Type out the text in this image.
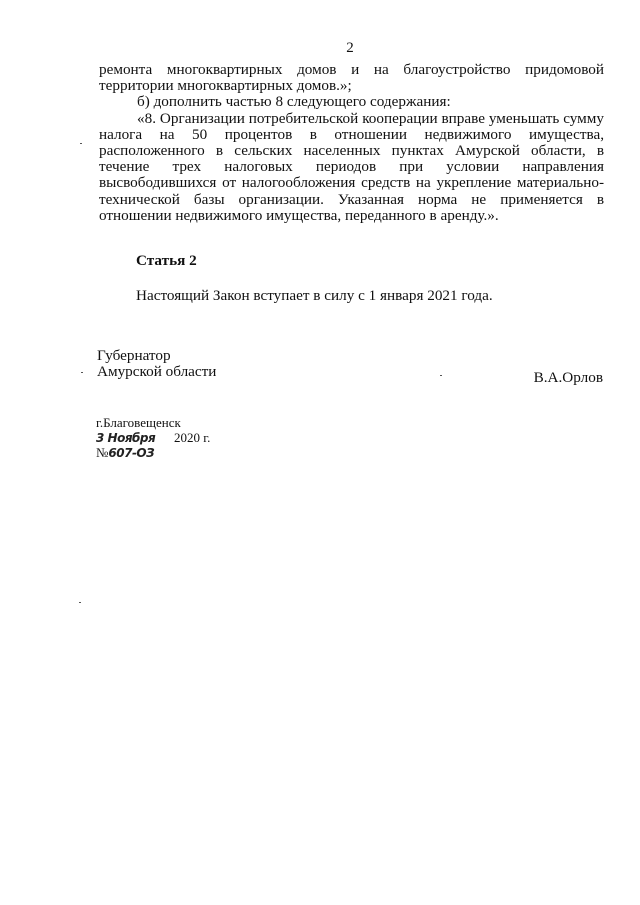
2

ремонта многоквартирных домов и на благоустройство придомовой территории многоквартирных домов.»;

б) дополнить частью 8 следующего содержания:

«8. Организации потребительской кооперации вправе уменьшать сумму налога на 50 процентов в отношении недвижимого имущества, расположенного в сельских населенных пунктах Амурской области, в течение трех налоговых периодов при условии направления высвободившихся от налогообложения средств на укрепление материально-технической базы организации. Указанная норма не применяется в отношении недвижимого имущества, переданного в аренду.».

Статья 2
Настоящий Закон вступает в силу с 1 января 2021 года.
Губернатор
Амурской области	В.А.Орлов
г.Благовещенск
3 Ноября 2020 г.
№607-ОЗ
